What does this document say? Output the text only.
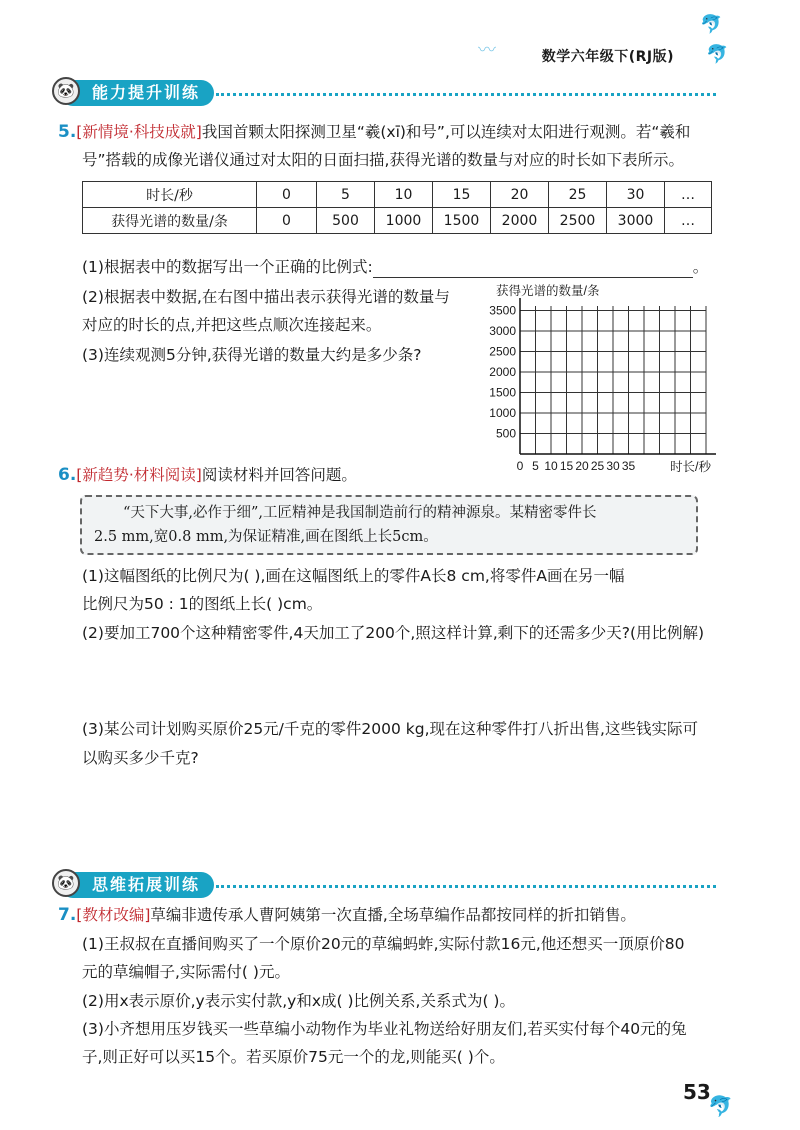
〰
🐬
🐬
数学六年级下(RJ版)
能力提升训练
🐼
5.[新情境·科技成就]我国首颗太阳探测卫星“羲(xī)和号”,可以连续对太阳进行观测。若“羲和
号”搭载的成像光谱仪通过对太阳的日面扫描,获得光谱的数量与对应的时长如下表所示。
时长/秒	0	5	10	15	20	25	30	…
获得光谱的数量/条	0	500	1000	1500	2000	2500	3000	…
(1)根据表中的数据写出一个正确的比例式:	。
(2)根据表中数据,在右图中描出表示获得光谱的数量与
对应的时长的点,并把这些点顺次连接起来。
(3)连续观测5分钟,获得光谱的数量大约是多少条?
获得光谱的数量/条
3500
3000
2500
2000
1500
1000
500
0 5 10 15 20 25 30 35	时长/秒
6.[新趋势·材料阅读]阅读材料并回答问题。
“天下大事,必作于细”,工匠精神是我国制造前行的精神源泉。某精密零件长
2.5 mm,宽0.8 mm,为保证精准,画在图纸上长5cm。
(1)这幅图纸的比例尺为( ),画在这幅图纸上的零件A长8 cm,将零件A画在另一幅
比例尺为50 : 1的图纸上长( )cm。
(2)要加工700个这种精密零件,4天加工了200个,照这样计算,剩下的还需多少天?(用比例解)
(3)某公司计划购买原价25元/千克的零件2000 kg,现在这种零件打八折出售,这些钱实际可
以购买多少千克?
思维拓展训练
🐼
7.[教材改编]草编非遗传承人曹阿姨第一次直播,全场草编作品都按同样的折扣销售。
(1)王叔叔在直播间购买了一个原价20元的草编蚂蚱,实际付款16元,他还想买一顶原价80
元的草编帽子,实际需付( )元。
(2)用x表示原价,y表示实付款,y和x成( )比例关系,关系式为( )。
(3)小齐想用压岁钱买一些草编小动物作为毕业礼物送给好朋友们,若买实付每个40元的兔
子,则正好可以买15个。若买原价75元一个的龙,则能买( )个。
53
🐬
